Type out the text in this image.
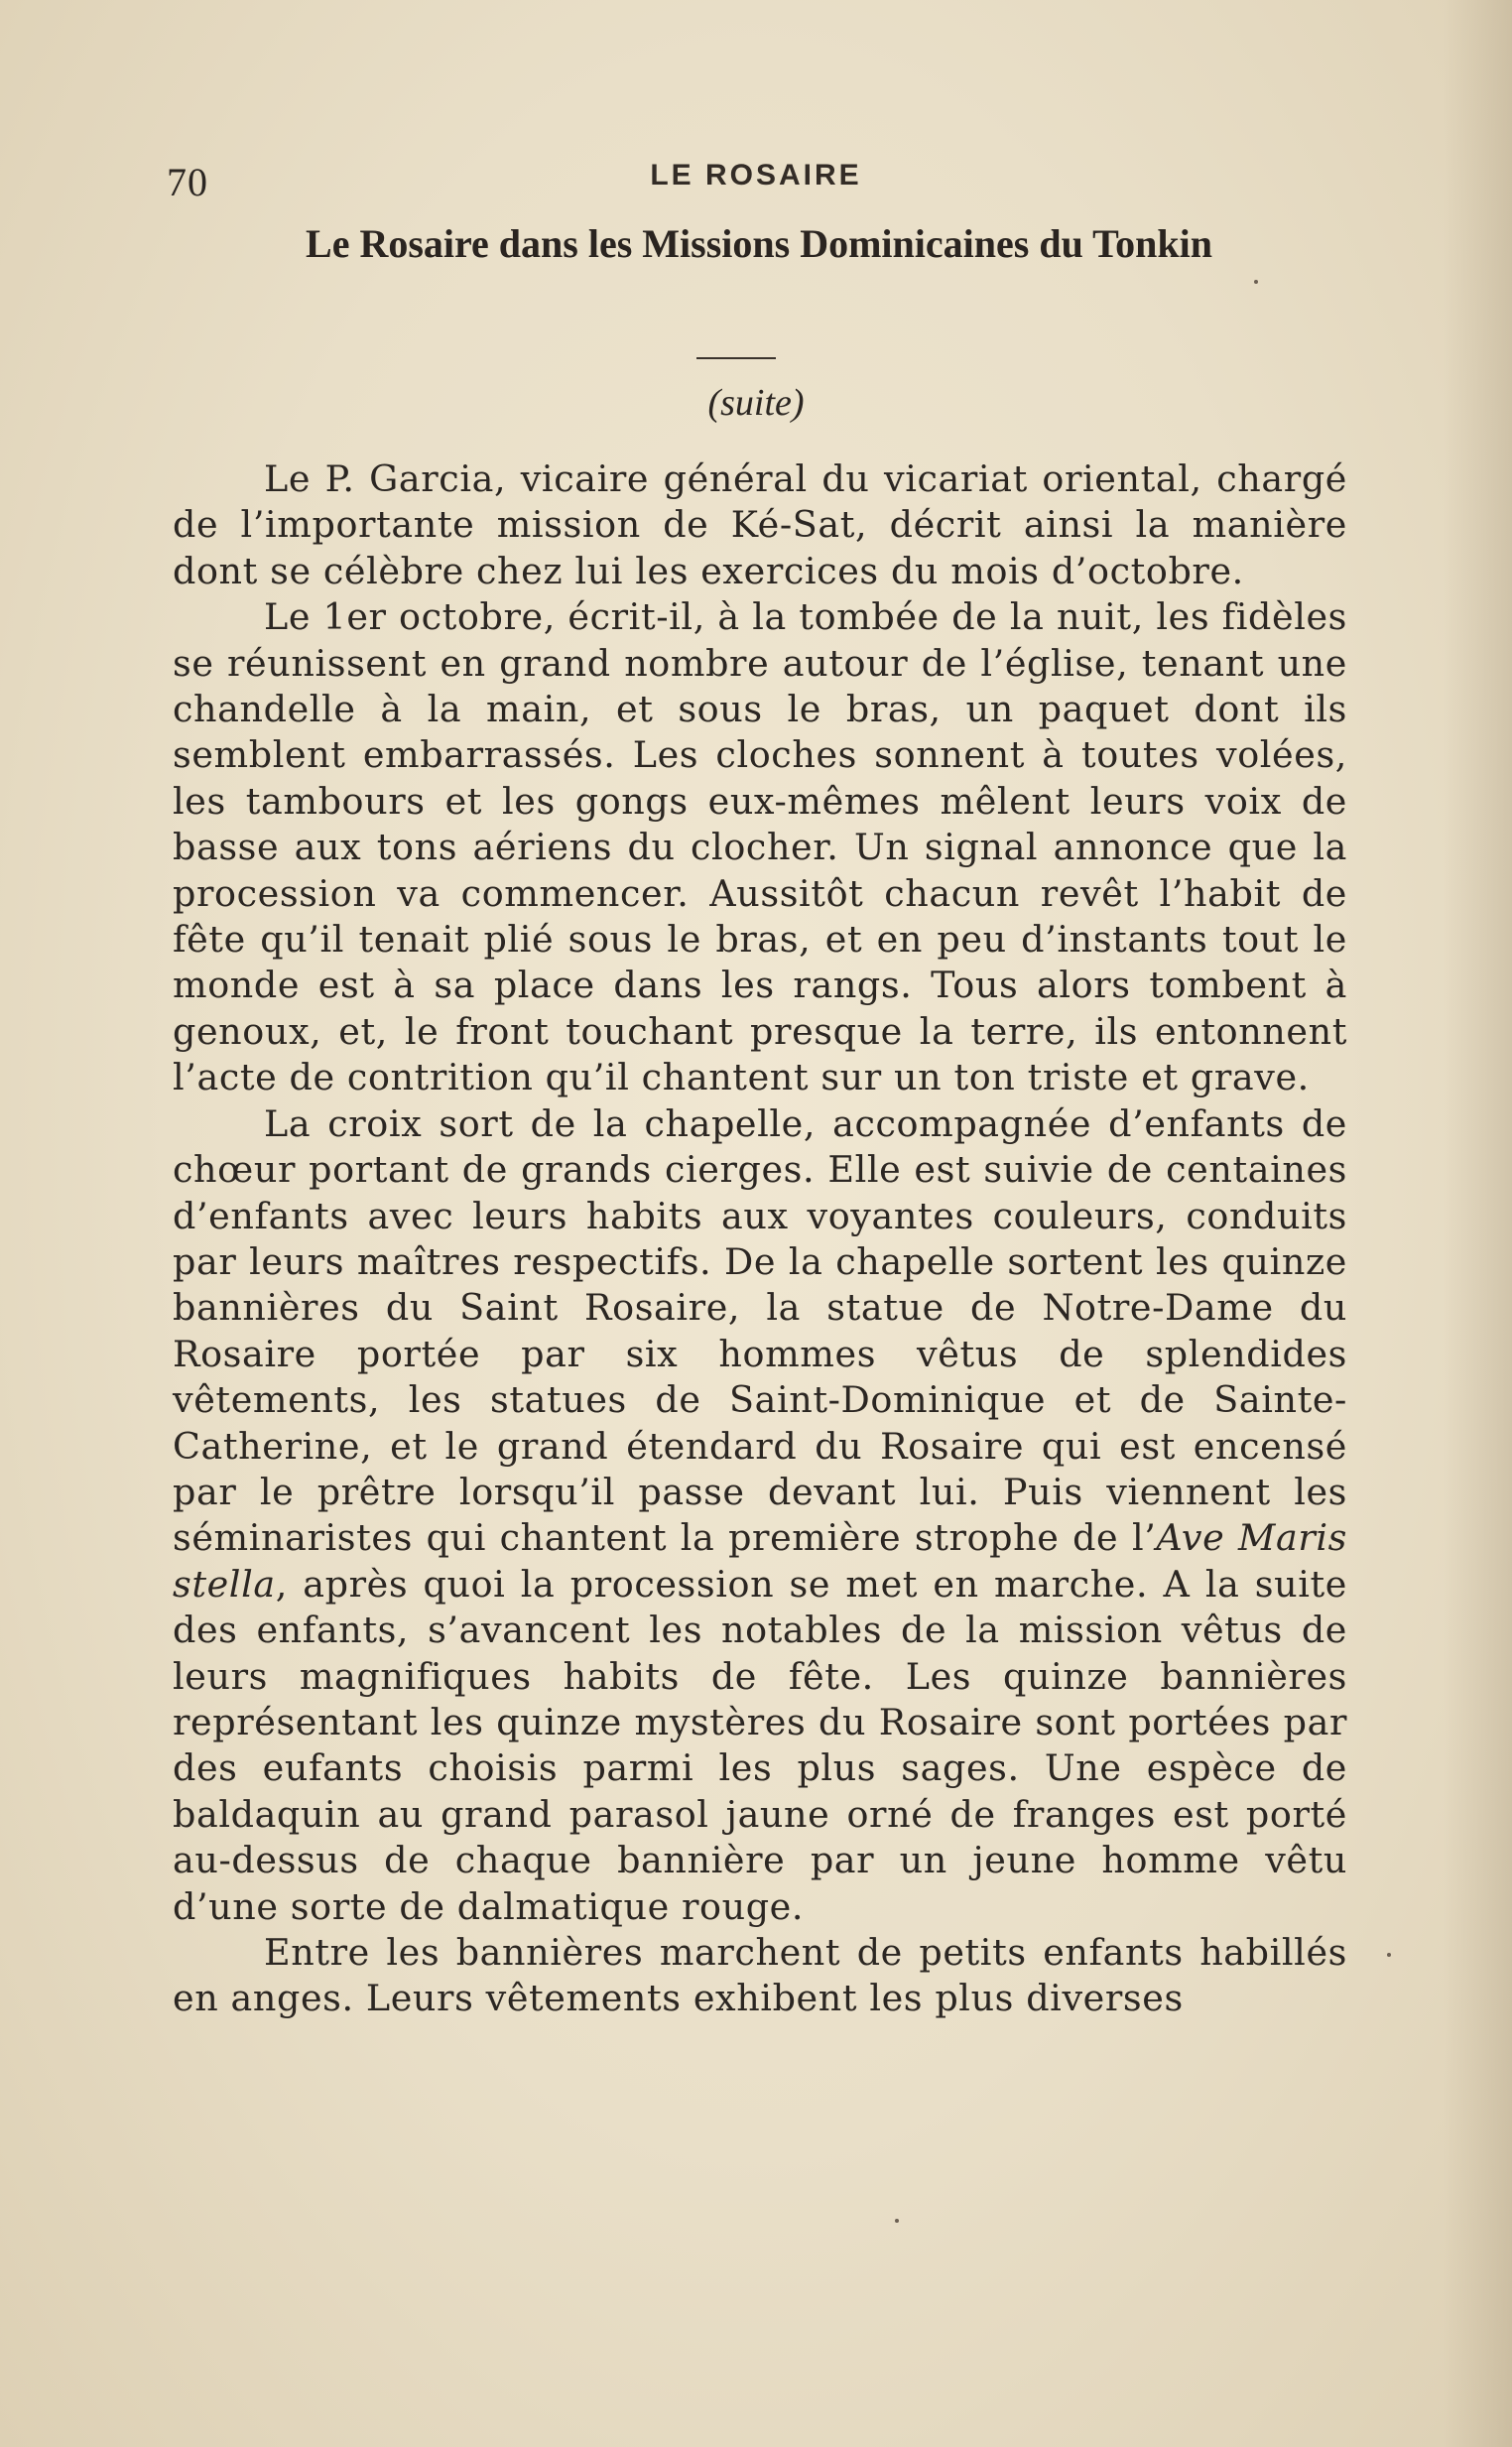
70	LE ROSAIRE
Le Rosaire dans les Missions Dominicaines du Tonkin
(suite)

Le P. Garcia, vicaire général du vicariat oriental, chargé de l’importante mission de Ké-Sat, décrit ainsi la manière dont se célèbre chez lui les exercices du mois d’octobre.

Le 1er octobre, écrit-il, à la tombée de la nuit, les fidèles se réunissent en grand nombre autour de l’église, tenant une chandelle à la main, et sous le bras, un paquet dont ils semblent embarrassés. Les cloches sonnent à toutes volées, les tambours et les gongs eux-mêmes mêlent leurs voix de basse aux tons aériens du clocher. Un signal annonce que la procession va commencer. Aussitôt chacun revêt l’habit de fête qu’il tenait plié sous le bras, et en peu d’instants tout le monde est à sa place dans les rangs. Tous alors tombent à genoux, et, le front touchant presque la terre, ils entonnent l’acte de contrition qu’il chantent sur un ton triste et grave.

La croix sort de la chapelle, accompagnée d’enfants de chœur portant de grands cierges. Elle est suivie de centaines d’enfants avec leurs habits aux voyantes couleurs, conduits par leurs maîtres respectifs. De la chapelle sortent les quinze bannières du Saint Rosaire, la statue de Notre-Dame du Rosaire portée par six hommes vêtus de splendides vêtements, les statues de Saint-Dominique et de Sainte-Catherine, et le grand étendard du Rosaire qui est encensé par le prêtre lorsqu’il passe devant lui. Puis viennent les séminaristes qui chantent la première strophe de l’Ave Maris stella, après quoi la procession se met en marche. A la suite des enfants, s’avancent les notables de la mission vêtus de leurs magnifiques habits de fête. Les quinze bannières représentant les quinze mystères du Rosaire sont portées par des eufants choisis parmi les plus sages. Une espèce de baldaquin au grand parasol jaune orné de franges est porté au-dessus de chaque bannière par un jeune homme vêtu d’une sorte de dalmatique rouge.

Entre les bannières marchent de petits enfants habillés en anges. Leurs vêtements exhibent les plus diverses
